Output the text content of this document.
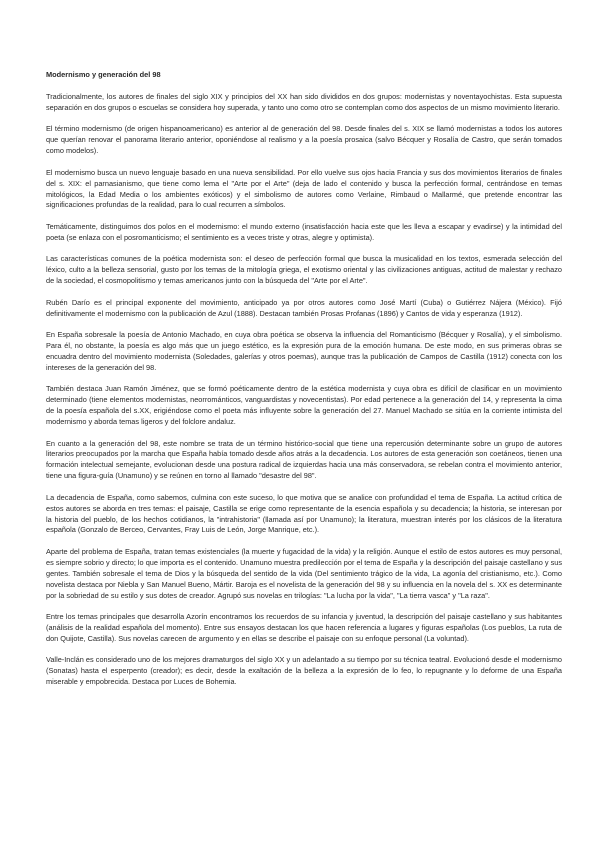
Modernismo y generación del 98

Tradicionalmente, los autores de finales del siglo XIX y principios del XX han sido divididos en dos grupos: modernistas y noventayochistas. Esta supuesta separación en dos grupos o escuelas se considera hoy superada, y tanto uno como otro se contemplan como dos aspectos de un mismo movimiento literario.

El término modernismo (de origen hispanoamericano) es anterior al de generación del 98. Desde finales del s. XIX se llamó modernistas a todos los autores que querían renovar el panorama literario anterior, oponiéndose al realismo y a la poesía prosaica (salvo Bécquer y Rosalía de Castro, que serán tomados como modelos).

El modernismo busca un nuevo lenguaje basado en una nueva sensibilidad. Por ello vuelve sus ojos hacia Francia y sus dos movimientos literarios de finales del s. XIX: el parnasianismo, que tiene como lema el "Arte por el Arte" (deja de lado el contenido y busca la perfección formal, centrándose en temas mitológicos, la Edad Media o los ambientes exóticos) y el simbolismo de autores como Verlaine, Rimbaud o Mallarmé, que pretende encontrar las significaciones profundas de la realidad, para lo cual recurren a símbolos.

Temáticamente, distinguimos dos polos en el modernismo: el mundo externo (insatisfacción hacia este que les lleva a escapar y evadirse) y la intimidad del poeta (se enlaza con el posromanticismo; el sentimiento es a veces triste y otras, alegre y optimista).

Las características comunes de la poética modernista son: el deseo de perfección formal que busca la musicalidad en los textos, esmerada selección del léxico, culto a la belleza sensorial, gusto por los temas de la mitología griega, el exotismo oriental y las civilizaciones antiguas, actitud de malestar y rechazo de la sociedad, el cosmopolitismo y temas americanos junto con la búsqueda del "Arte por el Arte".

Rubén Darío es el principal exponente del movimiento, anticipado ya por otros autores como José Martí (Cuba) o Gutiérrez Nájera (México). Fijó definitivamente el modernismo con la publicación de Azul (1888). Destacan también Prosas Profanas (1896) y Cantos de vida y esperanza (1912).

En España sobresale la poesía de Antonio Machado, en cuya obra poética se observa la influencia del Romanticismo (Bécquer y Rosalía), y el simbolismo. Para él, no obstante, la poesía es algo más que un juego estético, es la expresión pura de la emoción humana. De este modo, en sus primeras obras se encuadra dentro del movimiento modernista (Soledades, galerías y otros poemas), aunque tras la publicación de Campos de Castilla (1912) conecta con los intereses de la generación del 98.

También destaca Juan Ramón Jiménez, que se formó poéticamente dentro de la estética modernista y cuya obra es difícil de clasificar en un movimiento determinado (tiene elementos modernistas, neorrománticos, vanguardistas y novecentistas). Por edad pertenece a la generación del 14, y representa la cima de la poesía española del s.XX, erigiéndose como el poeta más influyente sobre la generación del 27. Manuel Machado se sitúa en la corriente intimista del modernismo y aborda temas ligeros y del folclore andaluz.

En cuanto a la generación del 98, este nombre se trata de un término histórico-social que tiene una repercusión determinante sobre un grupo de autores literarios preocupados por la marcha que España había tomado desde años atrás a la decadencia. Los autores de esta generación son coetáneos, tienen una formación intelectual semejante, evolucionan desde una postura radical de izquierdas hacia una más conservadora, se rebelan contra el movimiento anterior, tiene una figura-guía (Unamuno) y se reúnen en torno al llamado "desastre del 98".

La decadencia de España, como sabemos, culmina con este suceso, lo que motiva que se analice con profundidad el tema de España. La actitud crítica de estos autores se aborda en tres temas: el paisaje, Castilla se erige como representante de la esencia española y su decadencia; la historia, se interesan por la historia del pueblo, de los hechos cotidianos, la "intrahistoria" (llamada así por Unamuno); la literatura, muestran interés por los clásicos de la literatura española (Gonzalo de Berceo, Cervantes, Fray Luis de León, Jorge Manrique, etc.).

Aparte del problema de España, tratan temas existenciales (la muerte y fugacidad de la vida) y la religión. Aunque el estilo de estos autores es muy personal, es siempre sobrio y directo; lo que importa es el contenido. Unamuno muestra predilección por el tema de España y la descripción del paisaje castellano y sus gentes. También sobresale el tema de Dios y la búsqueda del sentido de la vida (Del sentimiento trágico de la vida, La agonía del cristianismo, etc.). Como novelista destaca por Niebla y San Manuel Bueno, Mártir. Baroja es el novelista de la generación del 98 y su influencia en la novela del s. XX es determinante por la sobriedad de su estilo y sus dotes de creador. Agrupó sus novelas en trilogías: "La lucha por la vida", "La tierra vasca" y "La raza".

Entre los temas principales que desarrolla Azorín encontramos los recuerdos de su infancia y juventud, la descripción del paisaje castellano y sus habitantes (análisis de la realidad española del momento). Entre sus ensayos destacan los que hacen referencia a lugares y figuras españolas (Los pueblos, La ruta de don Quijote, Castilla). Sus novelas carecen de argumento y en ellas se describe el paisaje con su enfoque personal (La voluntad).

Valle-Inclán es considerado uno de los mejores dramaturgos del siglo XX y un adelantado a su tiempo por su técnica teatral. Evolucionó desde el modernismo (Sonatas) hasta el esperpento (creador); es decir, desde la exaltación de la belleza a la expresión de lo feo, lo repugnante y lo deforme de una España miserable y empobrecida. Destaca por Luces de Bohemia.
